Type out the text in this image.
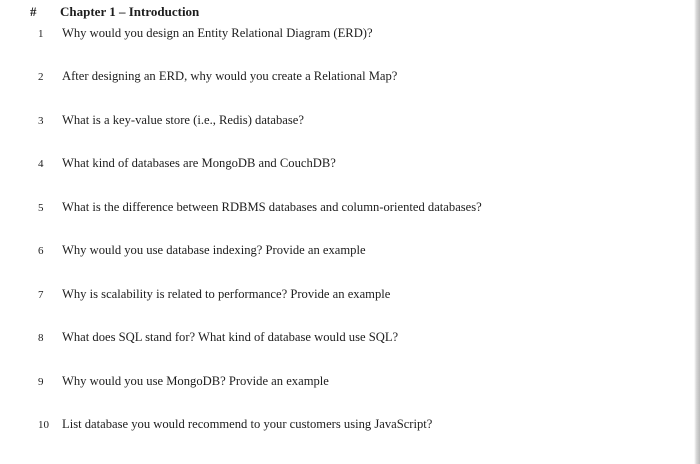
# Chapter 1 – Introduction
1 Why would you design an Entity Relational Diagram (ERD)?
2 After designing an ERD, why would you create a Relational Map?
3 What is a key-value store (i.e., Redis) database?
4 What kind of databases are MongoDB and CouchDB?
5 What is the difference between RDBMS databases and column-oriented databases?
6 Why would you use database indexing? Provide an example
7 Why is scalability is related to performance? Provide an example
8 What does SQL stand for? What kind of database would use SQL?
9 Why would you use MongoDB? Provide an example
10 List database you would recommend to your customers using JavaScript?
